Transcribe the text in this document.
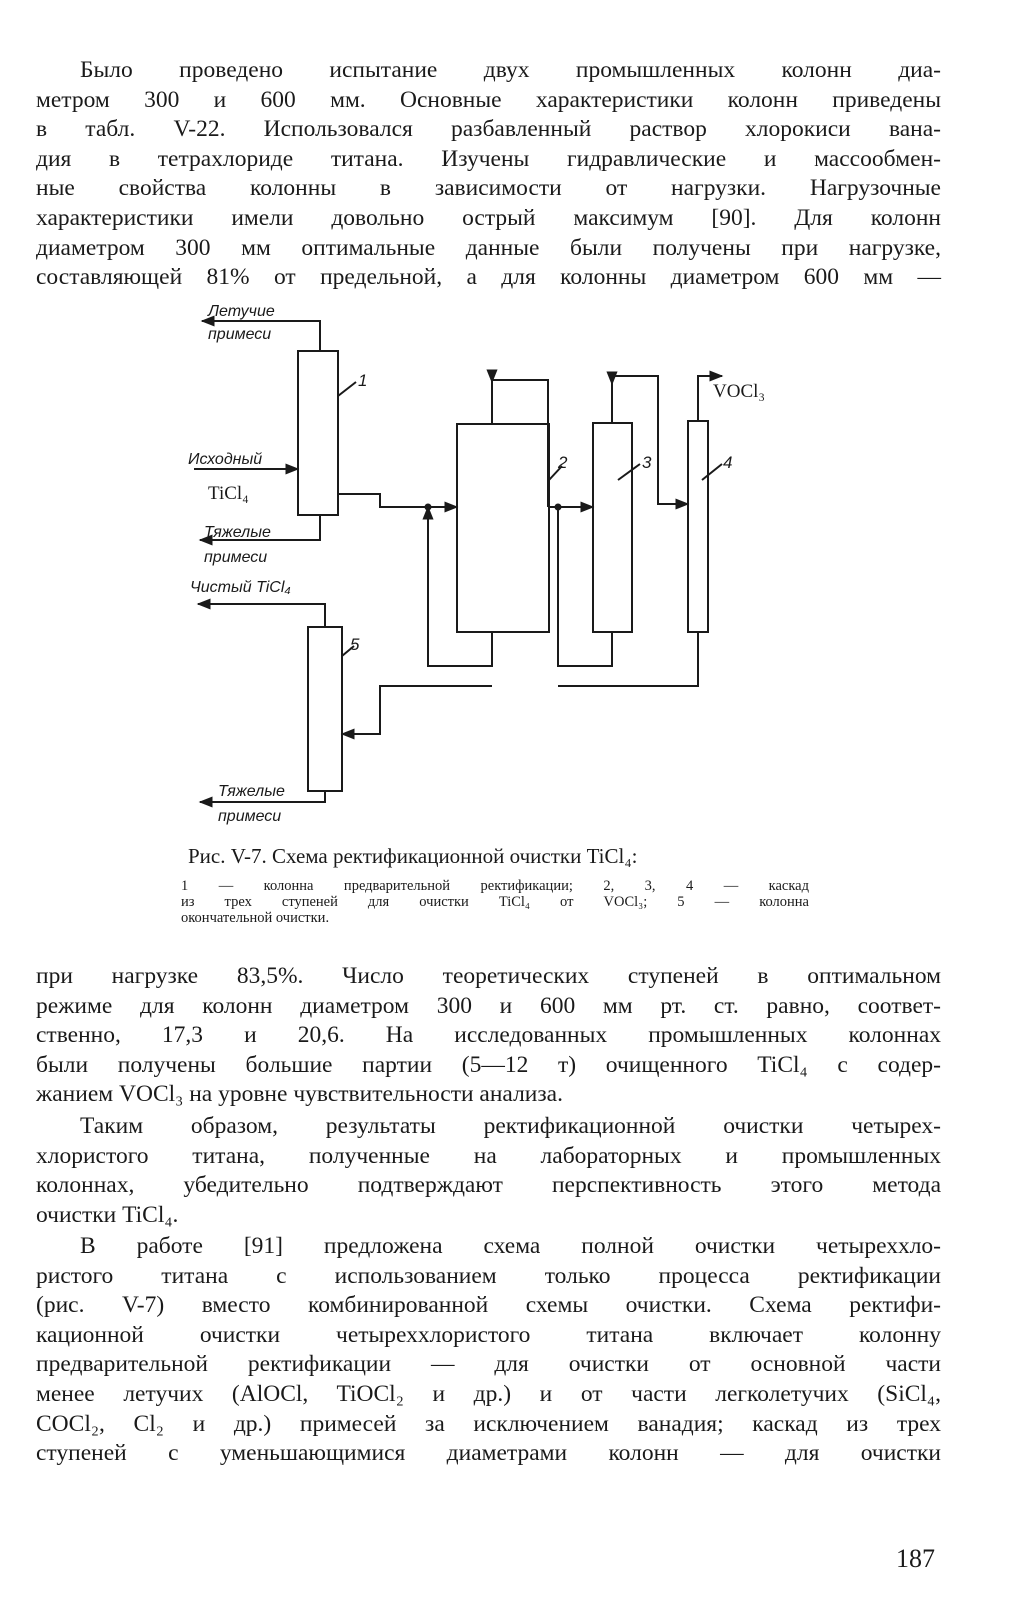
Было проведено испытание двух промышленных колонн диа-
метром 300 и 600 мм. Основные характеристики колонн приведены
в табл. V-22. Использовался разбавленный раствор хлорокиси вана-
дия в тетрахлориде титана. Изучены гидравлические и массообмен-
ные свойства колонны в зависимости от нагрузки. Нагрузочные
характеристики имели довольно острый максимум [90]. Для колонн
диаметром 300 мм оптимальные данные были получены при нагрузке,
составляющей 81% от предельной, а для колонны диаметром 600 мм —
Летучие
примеси
Исходный
TiCl₄
Тяжелые
примеси
Чистый TiCl₄
Тяжелые
примеси
VOCl₃
1
2	3	4
5

Рис. V-7. Схема ректификационной очистки TiCl₄:

1 — колонна предварительной ректификации; 2, 3, 4 — каскад
из трех ступеней для очистки TiCl₄ от VOCl₃; 5 — колонна
окончательной очистки.
при нагрузке 83,5%. Число теоретических ступеней в оптимальном
режиме для колонн диаметром 300 и 600 мм рт. ст. равно, соответ-
ственно, 17,3 и 20,6. На исследованных промышленных колоннах
были получены большие партии (5—12 т) очищенного TiCl₄ с содер-
жанием VOCl₃ на уровне чувствительности анализа.
Таким образом, результаты ректификационной очистки четырех-
хлористого титана, полученные на лабораторных и промышленных
колоннах, убедительно подтверждают перспективность этого метода
очистки TiCl₄.
В работе [91] предложена схема полной очистки четыреххло-
ристого титана с использованием только процесса ректификации
(рис. V-7) вместо комбинированной схемы очистки. Схема ректифи-
кационной очистки четыреххлористого титана включает колонну
предварительной ректификации — для очистки от основной части
менее летучих (AlOCl, TiOCl₂ и др.) и от части легколетучих (SiCl₄,
COCl₂, Cl₂ и др.) примесей за исключением ванадия; каскад из трех
ступеней с уменьшающимися диаметрами колонн — для очистки

187
